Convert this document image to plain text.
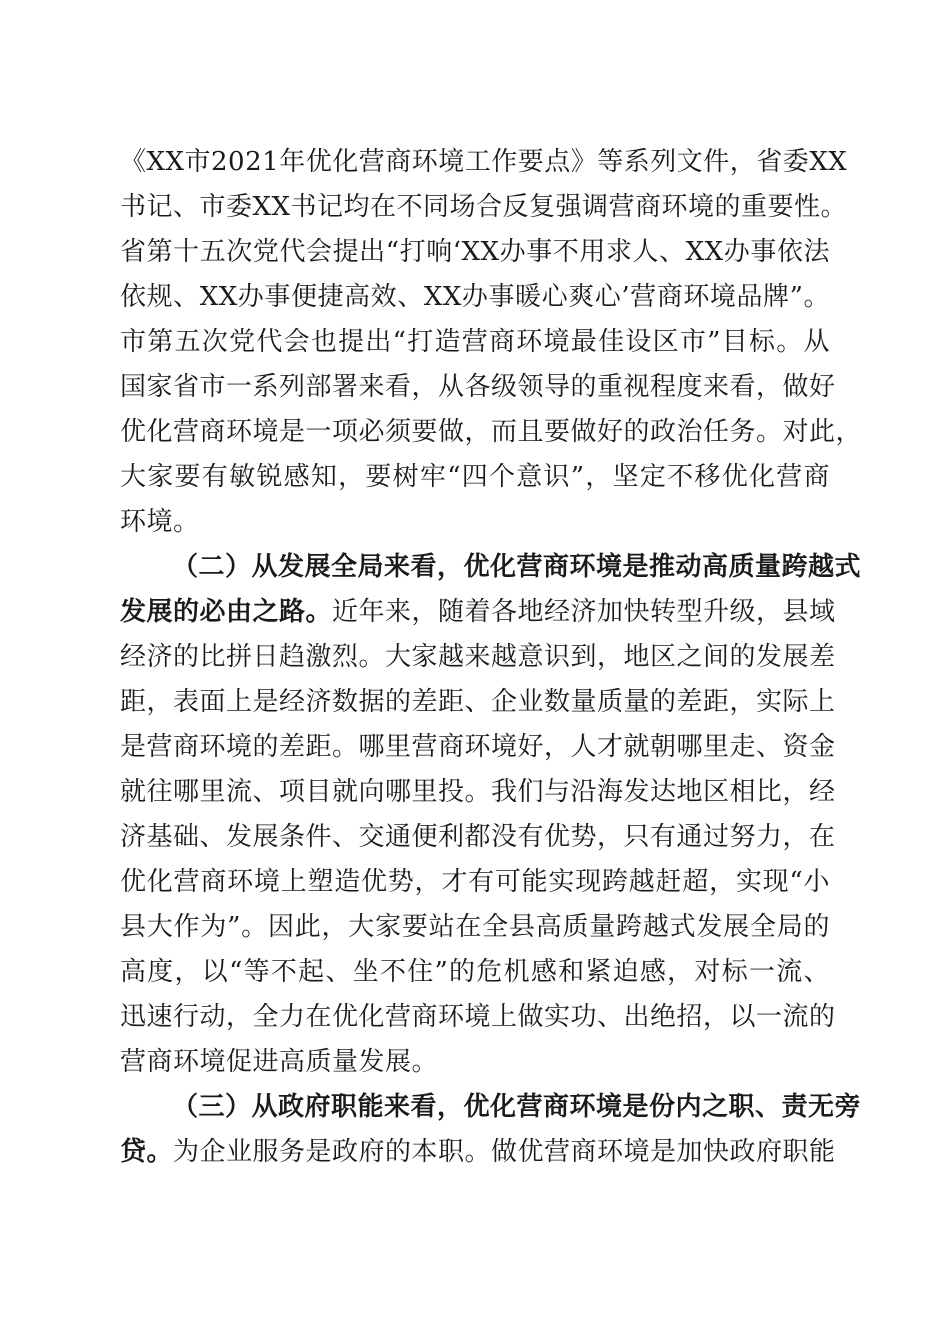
《XX市2021年优化营商环境工作要点》等系列文件，省委XX
书记、市委XX书记均在不同场合反复强调营商环境的重要性。
省第十五次党代会提出“打响‘XX办事不用求人、XX办事依法
依规、XX办事便捷高效、XX办事暖心爽心’营商环境品牌”。
市第五次党代会也提出“打造营商环境最佳设区市”目标。从
国家省市一系列部署来看，从各级领导的重视程度来看，做好
优化营商环境是一项必须要做，而且要做好的政治任务。对此，
大家要有敏锐感知，要树牢“四个意识”，坚定不移优化营商
环境。
（二）从发展全局来看，优化营商环境是推动高质量跨越式
发展的必由之路。近年来，随着各地经济加快转型升级，县域
经济的比拼日趋激烈。大家越来越意识到，地区之间的发展差
距，表面上是经济数据的差距、企业数量质量的差距，实际上
是营商环境的差距。哪里营商环境好，人才就朝哪里走、资金
就往哪里流、项目就向哪里投。我们与沿海发达地区相比，经
济基础、发展条件、交通便利都没有优势，只有通过努力，在
优化营商环境上塑造优势，才有可能实现跨越赶超，实现“小
县大作为”。因此，大家要站在全县高质量跨越式发展全局的
高度，以“等不起、坐不住”的危机感和紧迫感，对标一流、
迅速行动，全力在优化营商环境上做实功、出绝招，以一流的
营商环境促进高质量发展。
（三）从政府职能来看，优化营商环境是份内之职、责无旁
贷。为企业服务是政府的本职。做优营商环境是加快政府职能
